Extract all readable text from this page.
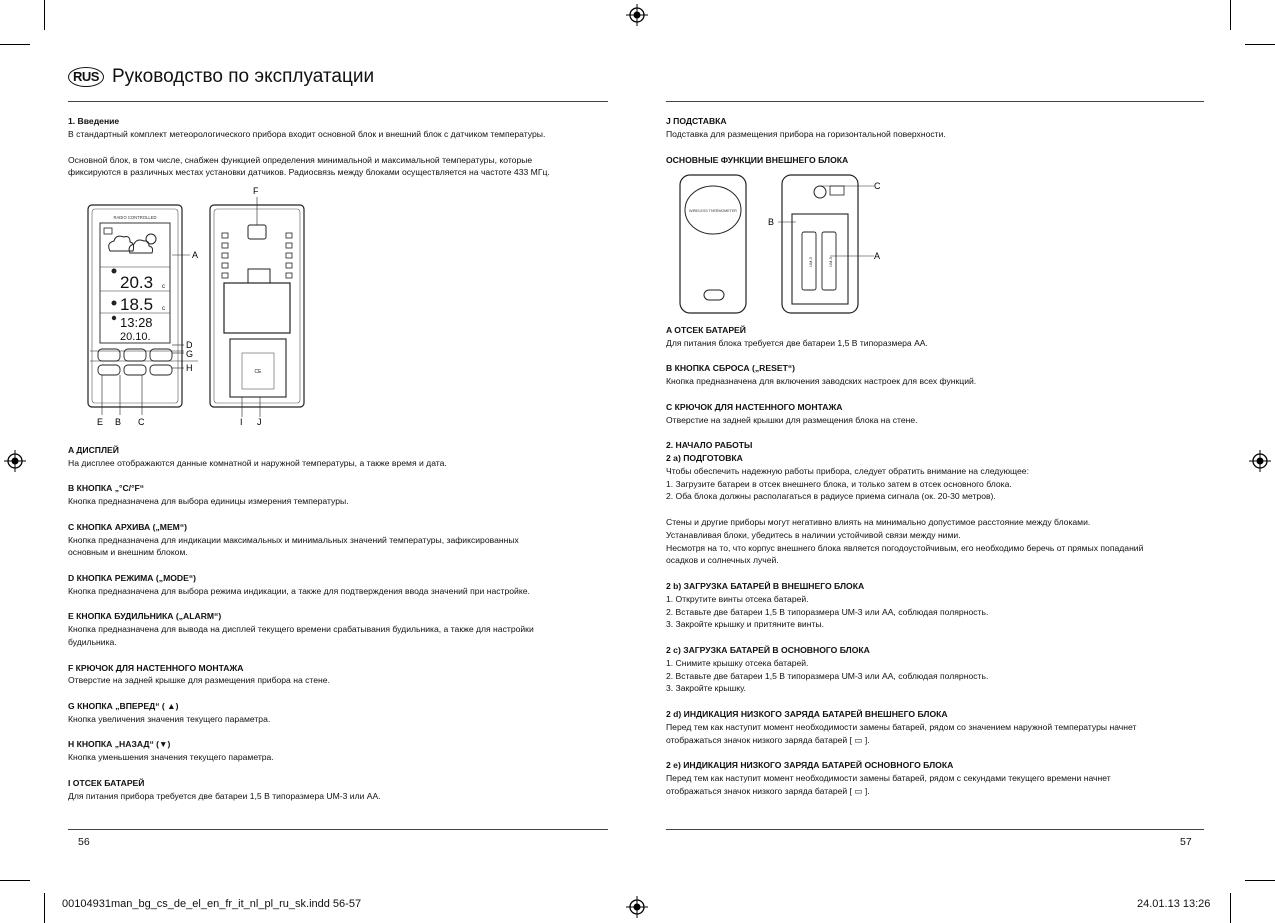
RUS Руководство по эксплуатации

1. Введение

В стандартный комплект метеорологического прибора входит основной блок и внешний блок с датчиком температуры.

Основной блок, в том числе, снабжен функцией определения минимальной и максимальной температуры, которые

фиксируются в различных местах установки датчиков. Радиосвязь между блоками осуществляется на частоте 433 МГц.

RADIO CONTROLLED
20.3 c
18.5 c
13:28
20.10.
CE
A
F
D
G
H
E B C	I J

A ДИСПЛЕЙ

На дисплее отображаются данные комнатной и наружной температуры, а также время и дата.

B КНОПКА „°C/°F“

Кнопка предназначена для выбора единицы измерения температуры.

C КНОПКА АРХИВА („MEM“)

Кнопка предназначена для индикации максимальных и минимальных значений температуры, зафиксированных

основным и внешним блоком.

D КНОПКА РЕЖИМА („MODE“)

Кнопка предназначена для выбора режима индикации, а также для подтверждения ввода значений при настройке.

E КНОПКА БУДИЛЬНИКА („ALARM“)

Кнопка предназначена для вывода на дисплей текущего времени срабатывания будильника, а также для настройки

будильника.

F КРЮЧОК ДЛЯ НАСТЕННОГО МОНТАЖА

Отверстие на задней крышке для размещения прибора на стене.

G КНОПКА „ВПЕРЕД“ ( ▲)

Кнопка увеличения значения текущего параметра.

H КНОПКА „НАЗАД“ (▼)

Кнопка уменьшения значения текущего параметра.

I ОТСЕК БАТАРЕЙ

Для питания прибора требуется две батареи 1,5 В типоразмера UM-3 или AA.

56

J ПОДСТАВКА

Подставка для размещения прибора на горизонтальной поверхности.

ОСНОВНЫЕ ФУНКЦИИ ВНЕШНЕГО БЛОКА

WIRELESS THERMOMETER
UM-3	UM-3
C
B
A

A ОТСЕК БАТАРЕЙ

Для питания блока требуется две батареи 1,5 В типоразмера AA.

B КНОПКА СБРОСА („RESET“)

Кнопка предназначена для включения заводских настроек для всех функций.

C КРЮЧОК ДЛЯ НАСТЕННОГО МОНТАЖА

Отверстие на задней крышки для размещения блока на стене.

2. НАЧАЛО РАБОТЫ

2 a) ПОДГОТОВКА

Чтобы обеспечить надежную работы прибора, следует обратить внимание на следующее:

1. Загрузите батареи в отсек внешнего блока, и только затем в отсек основного блока.

2. Оба блока должны располагаться в радиусе приема сигнала (ок. 20-30 метров).

Стены и другие приборы могут негативно влиять на минимально допустимое расстояние между блоками.

Устанавливая блоки, убедитесь в наличии устойчивой связи между ними.

Несмотря на то, что корпус внешнего блока является погодоустойчивым, его необходимо беречь от прямых попаданий

осадков и солнечных лучей.

2 b) ЗАГРУЗКА БАТАРЕЙ В ВНЕШНЕГО БЛОКА

1. Открутите винты отсека батарей.

2. Вставьте две батареи 1,5 В типоразмера UM-3 или AA, соблюдая полярность.

3. Закройте крышку и притяните винты.

2 c) ЗАГРУЗКА БАТАРЕЙ В ОСНОВНОГО БЛОКА

1. Снимите крышку отсека батарей.

2. Вставьте две батареи 1,5 В типоразмера UM-3 или AA, соблюдая полярность.

3. Закройте крышку.

2 d) ИНДИКАЦИЯ НИЗКОГО ЗАРЯДА БАТАРЕЙ ВНЕШНЕГО БЛОКА

Перед тем как наступит момент необходимости замены батарей, рядом со значением наружной температуры начнет

отображаться значок низкого заряда батарей [ ▭ ].

2 e) ИНДИКАЦИЯ НИЗКОГО ЗАРЯДА БАТАРЕЙ ОСНОВНОГО БЛОКА

Перед тем как наступит момент необходимости замены батарей, рядом с секундами текущего времени начнет

отображаться значок низкого заряда батарей [ ▭ ].

57
00104931man_bg_cs_de_el_en_fr_it_nl_pl_ru_sk.indd 56-57	24.01.13 13:26
